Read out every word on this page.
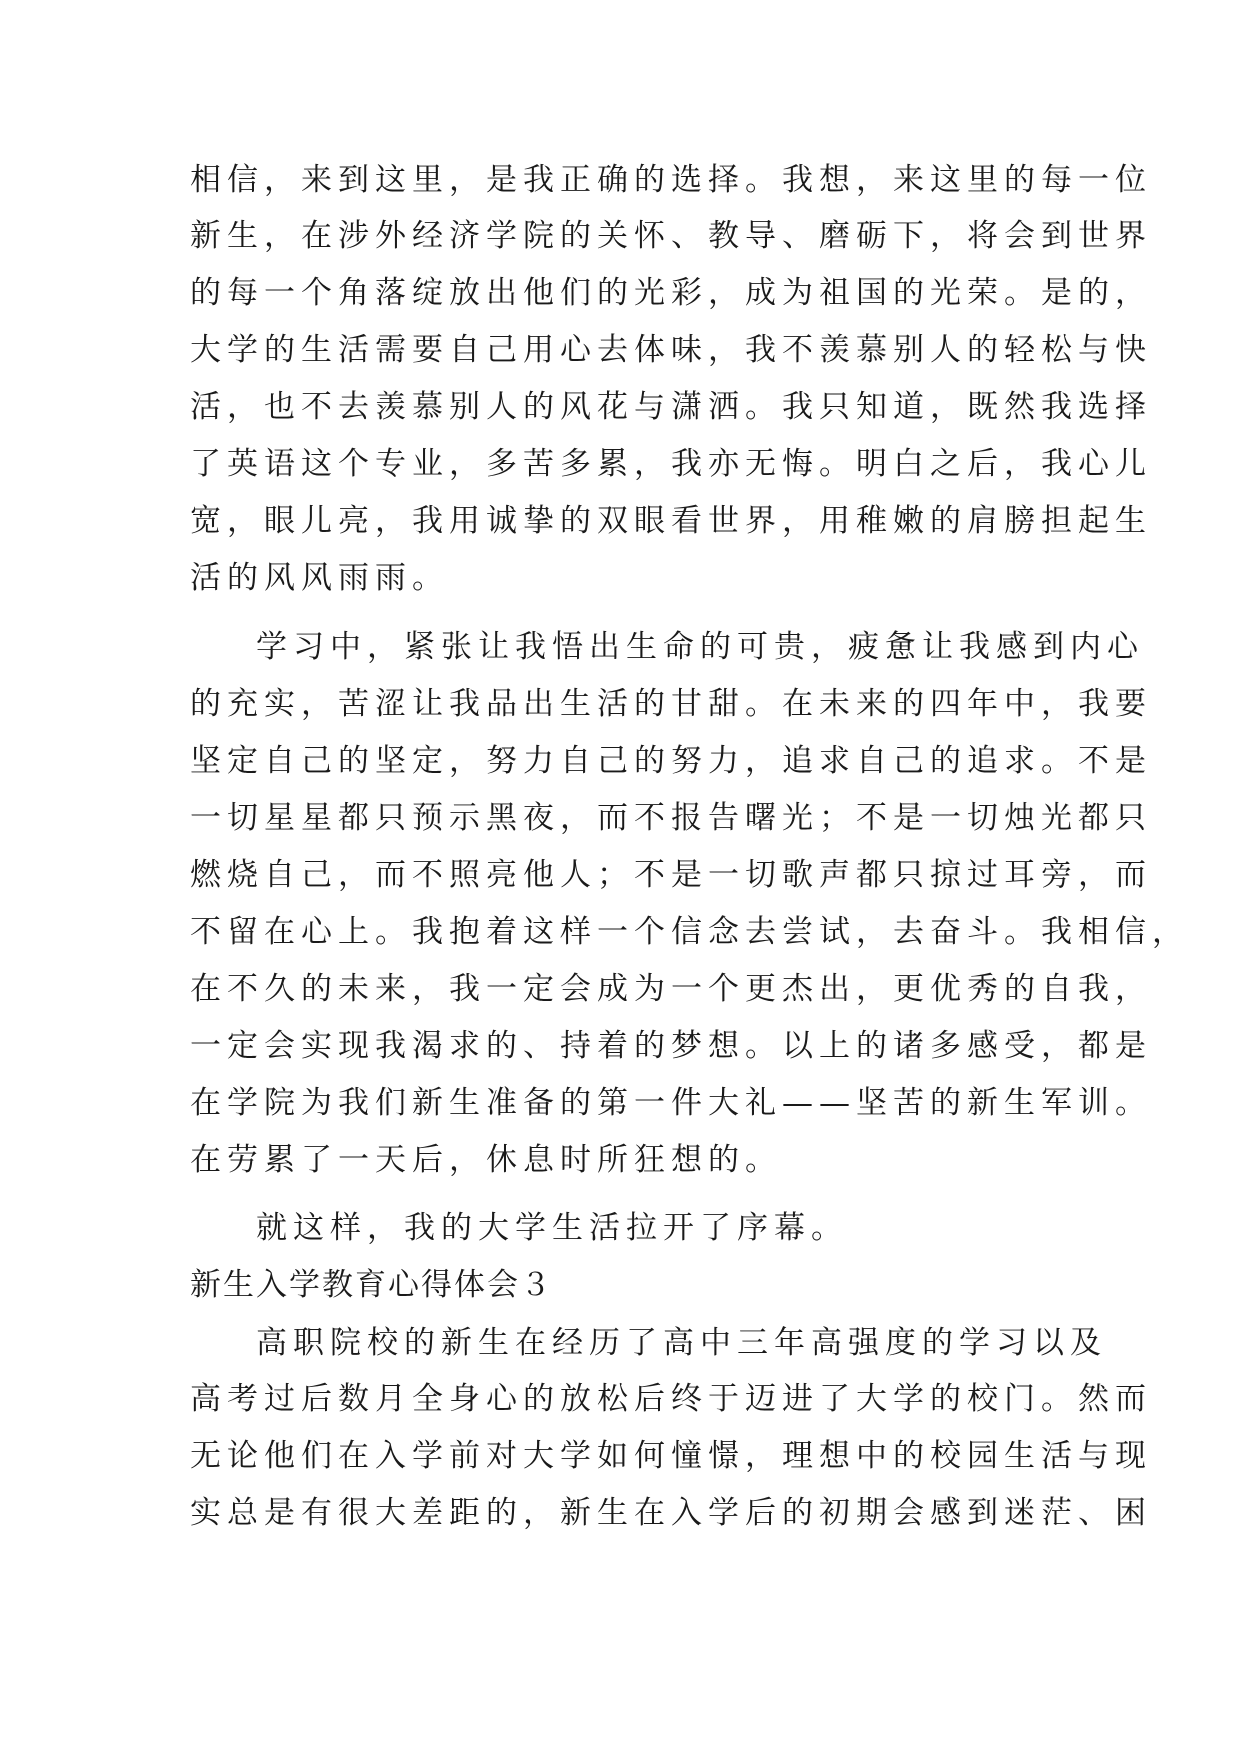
相信，来到这里，是我正确的选择。我想，来这里的每一位
新生，在涉外经济学院的关怀、教导、磨砺下，将会到世界
的每一个角落绽放出他们的光彩，成为祖国的光荣。是的，
大学的生活需要自己用心去体味，我不羡慕别人的轻松与快
活，也不去羡慕别人的风花与潇洒。我只知道，既然我选择
了英语这个专业，多苦多累，我亦无悔。明白之后，我心儿
宽，眼儿亮，我用诚挚的双眼看世界，用稚嫩的肩膀担起生
活的风风雨雨。
学习中，紧张让我悟出生命的可贵，疲惫让我感到内心
的充实，苦涩让我品出生活的甘甜。在未来的四年中，我要
坚定自己的坚定，努力自己的努力，追求自己的追求。不是
一切星星都只预示黑夜，而不报告曙光；不是一切烛光都只
燃烧自己，而不照亮他人；不是一切歌声都只掠过耳旁，而
不留在心上。我抱着这样一个信念去尝试，去奋斗。我相信，
在不久的未来，我一定会成为一个更杰出，更优秀的自我，
一定会实现我渴求的、持着的梦想。以上的诸多感受，都是
在学院为我们新生准备的第一件大礼——坚苦的新生军训。
在劳累了一天后，休息时所狂想的。
就这样，我的大学生活拉开了序幕。
新生入学教育心得体会３
高职院校的新生在经历了高中三年高强度的学习以及
高考过后数月全身心的放松后终于迈进了大学的校门。然而
无论他们在入学前对大学如何憧憬，理想中的校园生活与现
实总是有很大差距的，新生在入学后的初期会感到迷茫、困
